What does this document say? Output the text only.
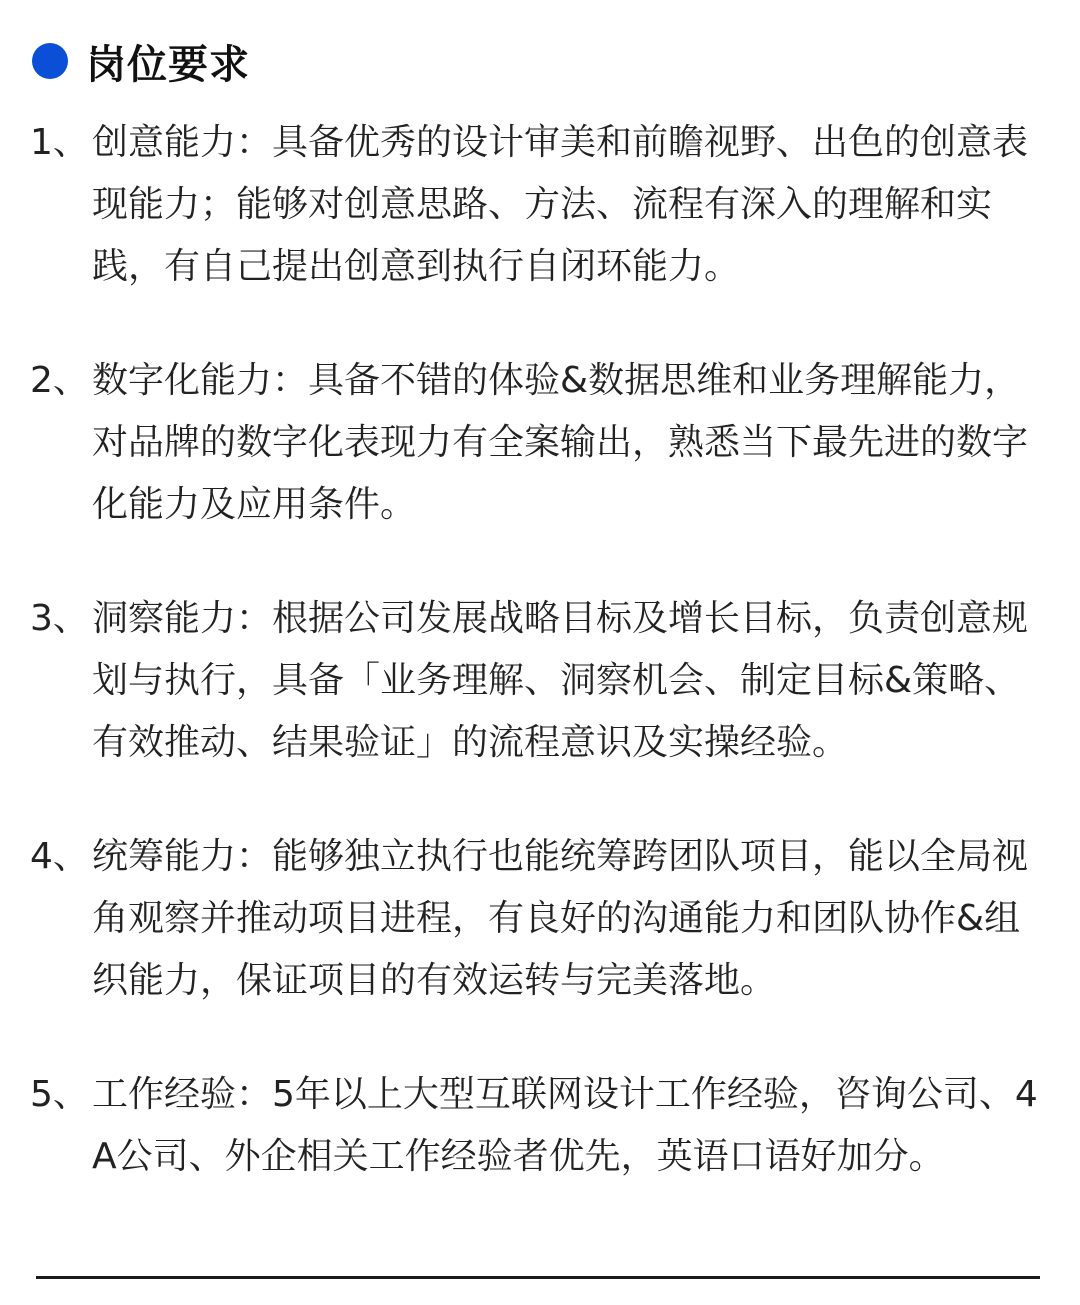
岗位要求
1、 创意能力：具备优秀的设计审美和前瞻视野、出色的创意表现能力；能够对创意思路、方法、流程有深入的理解和实践，有自己提出创意到执行自闭环能力。
2、 数字化能力：具备不错的体验&数据思维和业务理解能力，对品牌的数字化表现力有全案输出，熟悉当下最先进的数字化能力及应用条件。
3、 洞察能力：根据公司发展战略目标及增长目标，负责创意规划与执行，具备「业务理解、洞察机会、制定目标&策略、有效推动、结果验证」的流程意识及实操经验。
4、 统筹能力：能够独立执行也能统筹跨团队项目，能以全局视角观察并推动项目进程，有良好的沟通能力和团队协作&组织能力，保证项目的有效运转与完美落地。
5、 工作经验：5年以上大型互联网设计工作经验，咨询公司、4A公司、外企相关工作经验者优先，英语口语好加分。
